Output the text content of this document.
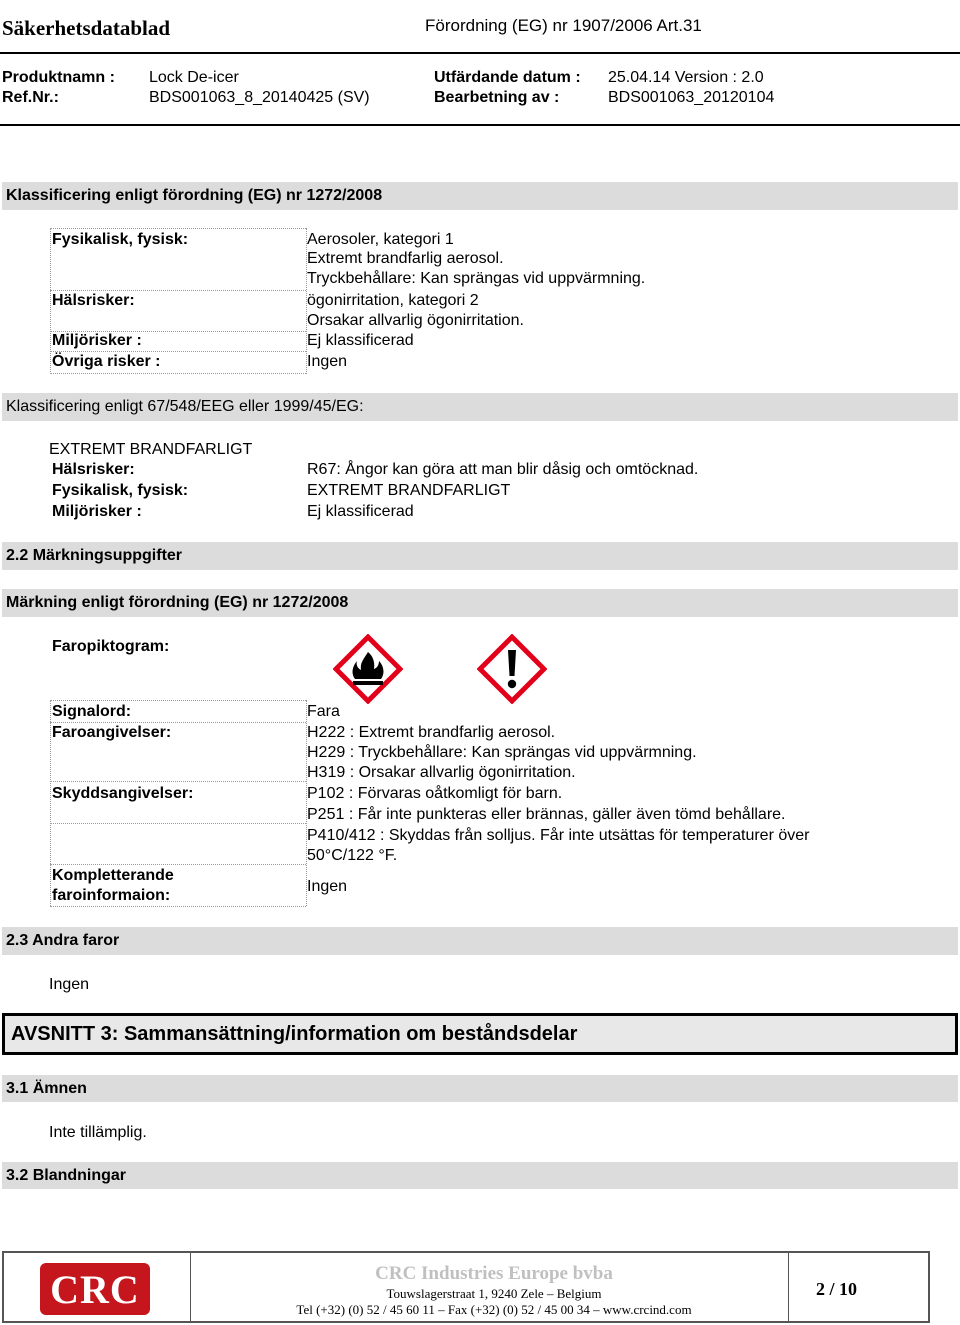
Säkerhetsdatablad	Förordning (EG) nr 1907/2006 Art.31
Produktnamn : Lock De-icer	Utfärdande datum : 25.04.14 Version : 2.0
Ref.Nr.:	BDS001063_8_20140425 (SV)	Bearbetning av :	BDS001063_20120104
Klassificering enligt förordning (EG) nr 1272/2008
Fysikalisk, fysisk:	Aerosoler, kategori 1
Extremt brandfarlig aerosol.
Tryckbehållare: Kan sprängas vid uppvärmning.
Hälsrisker:	ögonirritation, kategori 2
Orsakar allvarlig ögonirritation.
Miljörisker :	Ej klassificerad
Övriga risker :	Ingen
Klassificering enligt 67/548/EEG eller 1999/45/EG:
EXTREMT BRANDFARLIGT
Hälsrisker:	R67: Ångor kan göra att man blir dåsig och omtöcknad.
Fysikalisk, fysisk:	EXTREMT BRANDFARLIGT
Miljörisker :	Ej klassificerad
2.2 Märkningsuppgifter
Märkning enligt förordning (EG) nr 1272/2008
Faropiktogram:
Signalord:	Fara
Faroangivelser:	H222 : Extremt brandfarlig aerosol.
H229 : Tryckbehållare: Kan sprängas vid uppvärmning.
H319 : Orsakar allvarlig ögonirritation.
Skyddsangivelser:	P102 : Förvaras oåtkomligt för barn.
P251 : Får inte punkteras eller brännas, gäller även tömd behållare.
P410/412 : Skyddas från solljus. Får inte utsättas för temperaturer över
50°C/122 °F.
Kompletterande
faroinformaion:
Ingen
2.3 Andra faror
Ingen
AVSNITT 3: Sammansättning/information om beståndsdelar
3.1 Ämnen
Inte tillämplig.
3.2 Blandningar
CRC	CRC Industries Europe bvba
Touwslagerstraat 1, 9240 Zele – Belgium
Tel (+32) (0) 52 / 45 60 11 – Fax (+32) (0) 52 / 45 00 34 – www.crcind.com
2 / 10
